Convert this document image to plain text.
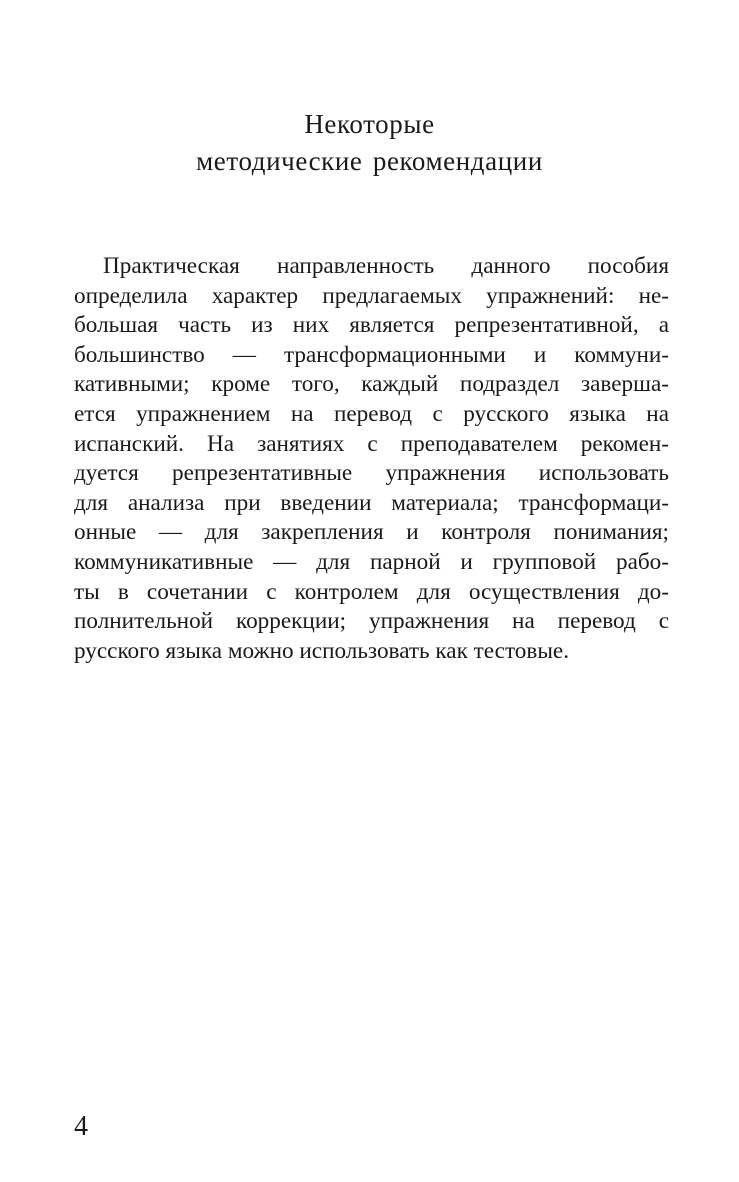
Некоторые
методические рекомендации
Практическая направленность данного пособия
определила характер предлагаемых упражнений: не-
большая часть из них является репрезентативной, а
большинство — трансформационными и коммуни-
кативными; кроме того, каждый подраздел заверша-
ется упражнением на перевод с русского языка на
испанский. На занятиях с преподавателем рекомен-
дуется репрезентативные упражнения использовать
для анализа при введении материала; трансформаци-
онные — для закрепления и контроля понимания;
коммуникативные — для парной и групповой рабо-
ты в сочетании с контролем для осуществления до-
полнительной коррекции; упражнения на перевод с
русского языка можно использовать как тестовые.
4
